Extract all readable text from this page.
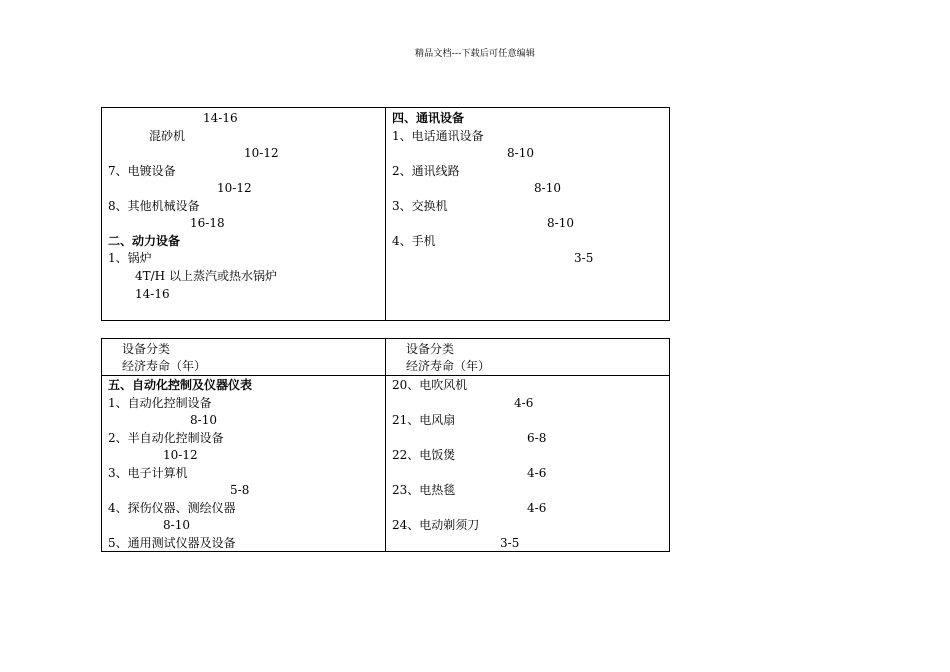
精品文档---下载后可任意编辑
14-16
混砂机
10-12
7、电镀设备
10-12
8、其他机械设备
16-18
二、动力设备
1、锅炉
4T/H 以上蒸汽或热水锅炉
14-16
四、通讯设备
1、电话通讯设备
8-10
2、通讯线路
8-10
3、交换机
8-10
4、手机
3-5
设备分类
经济寿命（年）
设备分类
经济寿命（年）
五、自动化控制及仪器仪表
1、自动化控制设备
8-10
2、半自动化控制设备
10-12
3、电子计算机
5-8
4、探伤仪器、测绘仪器
8-10
5、通用测试仪器及设备
20、电吹风机
4-6
21、电风扇
6-8
22、电饭煲
4-6
23、电热毯
4-6
24、电动剃须刀
3-5
